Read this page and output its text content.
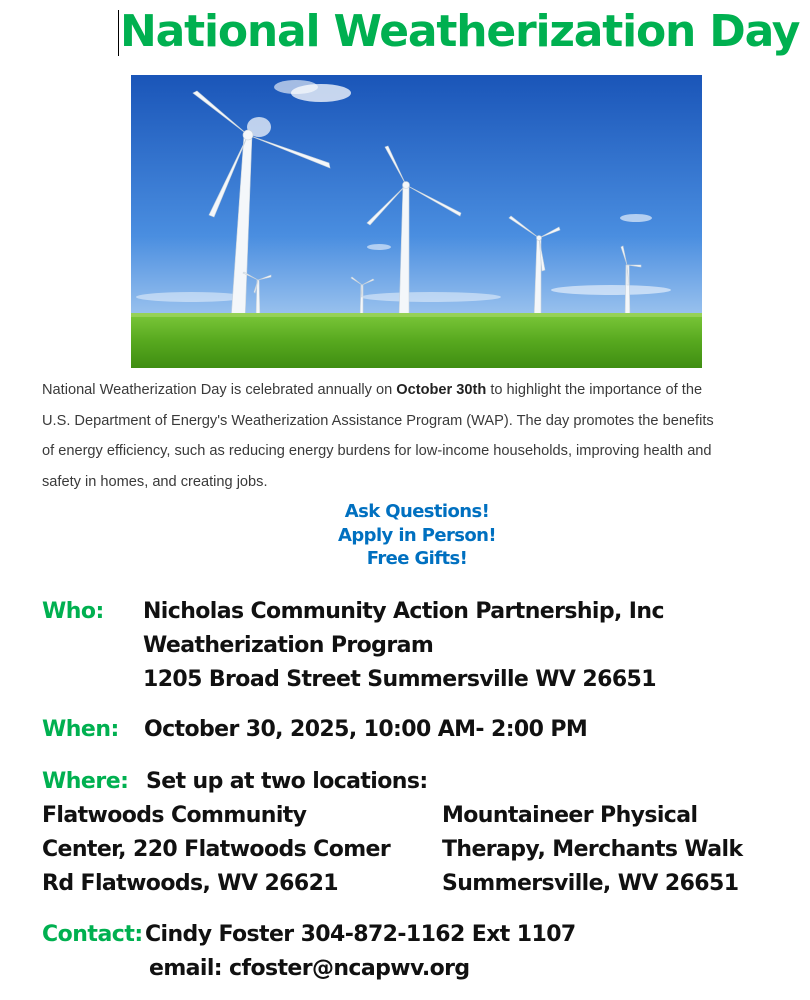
National Weatherization Day

National Weatherization Day is celebrated annually on October 30th to highlight the importance of the

U.S. Department of Energy's Weatherization Assistance Program (WAP). The day promotes the benefits

of energy efficiency, such as reducing energy burdens for low-income households, improving health and

safety in homes, and creating jobs.

Ask Questions!
Apply in Person!
Free Gifts!
Who: Nicholas Community Action Partnership, Inc
Weatherization Program
1205 Broad Street Summersville WV 26651
When: October 30, 2025, 10:00 AM- 2:00 PM
Where: Set up at two locations:
Flatwoods Community
Center, 220 Flatwoods Comer
Rd Flatwoods, WV 26621
Mountaineer Physical
Therapy, Merchants Walk
Summersville, WV 26651
Contact: Cindy Foster 304-872-1162 Ext 1107
email: cfoster@ncapwv.org
